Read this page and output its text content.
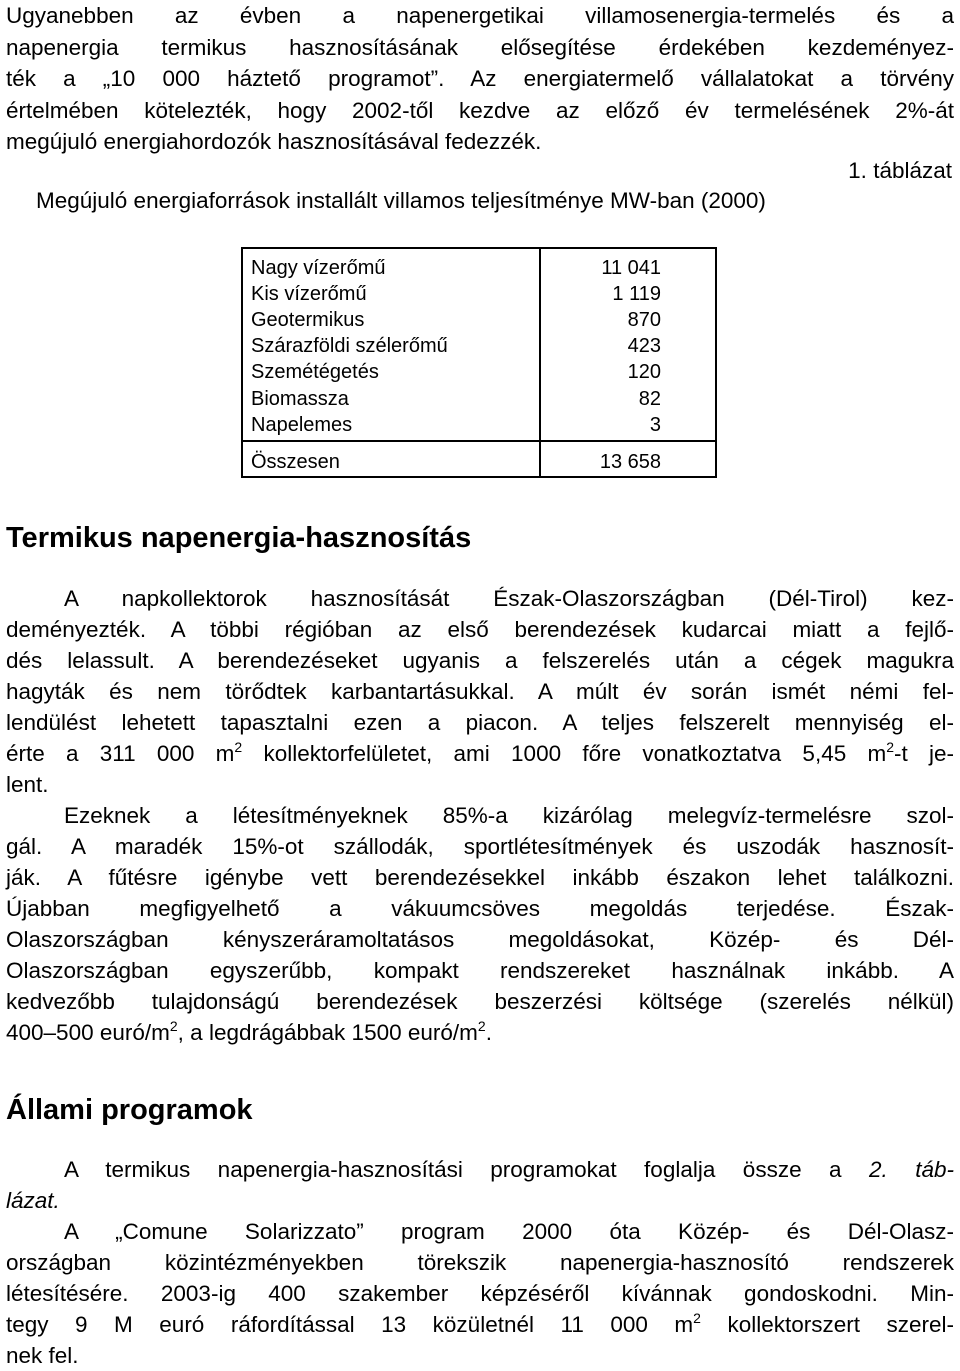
Ugyanebben az évben a napenergetikai villamosenergia-termelés és a
napenergia termikus hasznosításának elősegítése érdekében kezdeményez-
ték a „10 000 háztető programot”. Az energiatermelő vállalatokat a törvény
értelmében kötelezték, hogy 2002-től kezdve az előző év termelésének 2%-át
megújuló energiahordozók hasznosításával fedezzék.
1. táblázat
Megújuló energiaforrások installált villamos teljesítménye MW-ban (2000)
Nagy vízerőmű	11 041
Kis vízerőmű	1 119
Geotermikus	870
Szárazföldi szélerőmű	423
Szemétégetés	120
Biomassza	82
Napelemes	3
Összesen	13 658
Termikus napenergia-hasznosítás
A napkollektorok hasznosítását Észak-Olaszországban (Dél-Tirol) kez-
deményezték. A többi régióban az első berendezések kudarcai miatt a fejlő-
dés lelassult. A berendezéseket ugyanis a felszerelés után a cégek magukra
hagyták és nem törődtek karbantartásukkal. A múlt év során ismét némi fel-
lendülést lehetett tapasztalni ezen a piacon. A teljes felszerelt mennyiség el-
érte a 311 000 $m^2$ kollektorfelületet, ami 1000 főre vonatkoztatva 5,45 $m^2-t$ je-
lent.
Ezeknek a létesítményeknek 85%-a kizárólag melegvíz-termelésre szol-
gál. A maradék 15%-ot szállodák, sportlétesítmények és uszodák hasznosít-
ják. A fűtésre igénybe vett berendezésekkel inkább északon lehet találkozni.
Újabban megfigyelhető a vákuumcsöves megoldás terjedése. Észak-
Olaszországban kényszeráramoltatásos megoldásokat, Közép- és Dél-
Olaszországban egyszerűbb, kompakt rendszereket használnak inkább. A
kedvezőbb tulajdonságú berendezések beszerzési költsége (szerelés nélkül)
400–500 euró/$m^2$, a legdrágábbak 1500 euró/$m^2$.
Állami programok
A termikus napenergia-hasznosítási programokat foglalja össze a 2. táb-
lázat.
A „Comune Solarizzato” program 2000 óta Közép- és Dél-Olasz-
országban közintézményekben törekszik napenergia-hasznosító rendszerek
létesítésére. 2003-ig 400 szakember képzéséről kívánnak gondoskodni. Min-
tegy 9 M euró ráfordítással 13 közületnél 11 000 $m^2$ kollektorszert szerel-
nek fel.
